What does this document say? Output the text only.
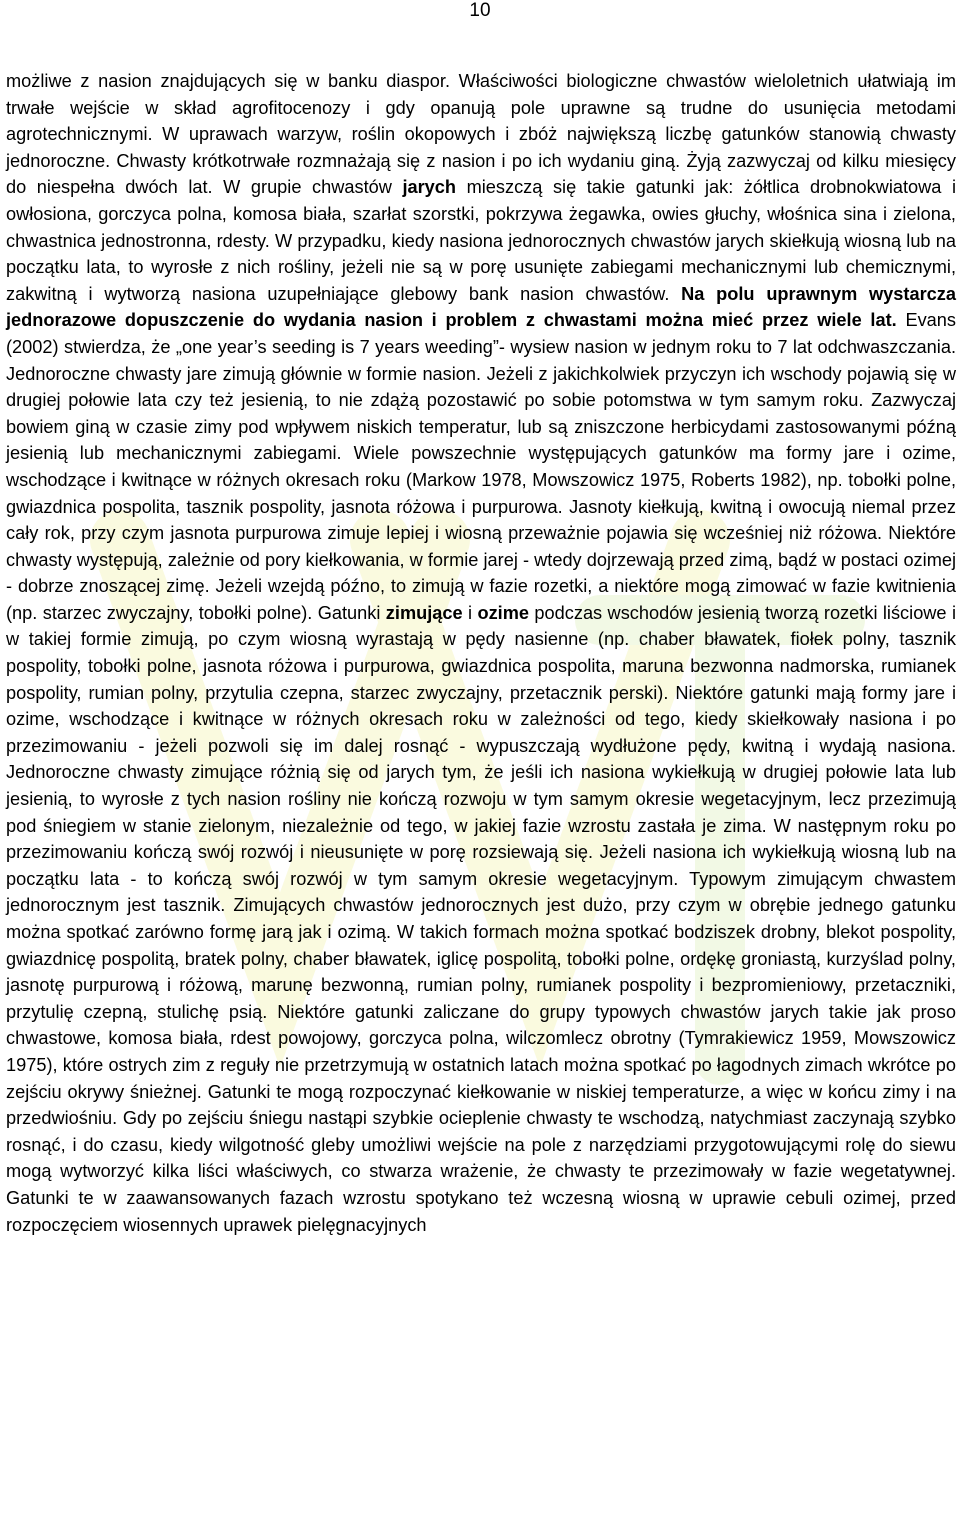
10

możliwe z nasion znajdujących się w banku diaspor. Właściwości biologiczne chwastów wieloletnich ułatwiają im trwałe wejście w skład agrofitocenozy i gdy opanują pole uprawne są trudne do usunięcia metodami agrotechnicznymi. W uprawach warzyw, roślin okopowych i zbóż największą liczbę gatunków stanowią chwasty jednoroczne. Chwasty krótkotrwałe rozmnażają się z nasion i po ich wydaniu giną. Żyją zazwyczaj od kilku miesięcy do niespełna dwóch lat. W grupie chwastów jarych mieszczą się takie gatunki jak: żółtlica drobnokwiatowa i owłosiona, gorczyca polna, komosa biała, szarłat szorstki, pokrzywa żegawka, owies głuchy, włośnica sina i zielona, chwastnica jednostronna, rdesty. W przypadku, kiedy nasiona jednorocznych chwastów jarych skiełkują wiosną lub na początku lata, to wyrosłe z nich rośliny, jeżeli nie są w porę usunięte zabiegami mechanicznymi lub chemicznymi, zakwitną i wytworzą nasiona uzupełniające glebowy bank nasion chwastów. Na polu uprawnym wystarcza jednorazowe dopuszczenie do wydania nasion i problem z chwastami można mieć przez wiele lat. Evans (2002) stwierdza, że „one year’s seeding is 7 years weeding”- wysiew nasion w jednym roku to 7 lat odchwaszczania. Jednoroczne chwasty jare zimują głównie w formie nasion. Jeżeli z jakichkolwiek przyczyn ich wschody pojawią się w drugiej połowie lata czy też jesienią, to nie zdążą pozostawić po sobie potomstwa w tym samym roku. Zazwyczaj bowiem giną w czasie zimy pod wpływem niskich temperatur, lub są zniszczone herbicydami zastosowanymi późną jesienią lub mechanicznymi zabiegami. Wiele powszechnie występujących gatunków ma formy jare i ozime, wschodzące i kwitnące w różnych okresach roku (Markow 1978, Mowszowicz 1975, Roberts 1982), np. tobołki polne, gwiazdnica pospolita, tasznik pospolity, jasnota różowa i purpurowa. Jasnoty kiełkują, kwitną i owocują niemal przez cały rok, przy czym jasnota purpurowa zimuje lepiej i wiosną przeważnie pojawia się wcześniej niż różowa. Niektóre chwasty występują, zależnie od pory kiełkowania, w formie jarej - wtedy dojrzewają przed zimą, bądź w postaci ozimej - dobrze znoszącej zimę. Jeżeli wzejdą późno, to zimują w fazie rozetki, a niektóre mogą zimować w fazie kwitnienia (np. starzec zwyczajny, tobołki polne). Gatunki zimujące i ozime podczas wschodów jesienią tworzą rozetki liściowe i w takiej formie zimują, po czym wiosną wyrastają w pędy nasienne (np. chaber bławatek, fiołek polny, tasznik pospolity, tobołki polne, jasnota różowa i purpurowa, gwiazdnica pospolita, maruna bezwonna nadmorska, rumianek pospolity, rumian polny, przytulia czepna, starzec zwyczajny, przetacznik perski). Niektóre gatunki mają formy jare i ozime, wschodzące i kwitnące w różnych okresach roku w zależności od tego, kiedy skiełkowały nasiona i po przezimowaniu - jeżeli pozwoli się im dalej rosnąć - wypuszczają wydłużone pędy, kwitną i wydają nasiona. Jednoroczne chwasty zimujące różnią się od jarych tym, że jeśli ich nasiona wykiełkują w drugiej połowie lata lub jesienią, to wyrosłe z tych nasion rośliny nie kończą rozwoju w tym samym okresie wegetacyjnym, lecz przezimują pod śniegiem w stanie zielonym, niezależnie od tego, w jakiej fazie wzrostu zastała je zima. W następnym roku po przezimowaniu kończą swój rozwój i nieusunięte w porę rozsiewają się. Jeżeli nasiona ich wykiełkują wiosną lub na początku lata - to kończą swój rozwój w tym samym okresie wegetacyjnym. Typowym zimującym chwastem jednorocznym jest tasznik. Zimujących chwastów jednorocznych jest dużo, przy czym w obrębie jednego gatunku można spotkać zarówno formę jarą jak i ozimą. W takich formach można spotkać bodziszek drobny, blekot pospolity, gwiazdnicę pospolitą, bratek polny, chaber bławatek, iglicę pospolitą, tobołki polne, ordękę groniastą, kurzyślad polny, jasnotę purpurową i różową, marunę bezwonną, rumian polny, rumianek pospolity i bezpromieniowy, przetaczniki, przytulię czepną, stulichę psią. Niektóre gatunki zaliczane do grupy typowych chwastów jarych takie jak proso chwastowe, komosa biała, rdest powojowy, gorczyca polna, wilczomlecz obrotny (Tymrakiewicz 1959, Mowszowicz 1975), które ostrych zim z reguły nie przetrzymują w ostatnich latach można spotkać po łagodnych zimach wkrótce po zejściu okrywy śnieżnej. Gatunki te mogą rozpoczynać kiełkowanie w niskiej temperaturze, a więc w końcu zimy i na przedwiośniu. Gdy po zejściu śniegu nastąpi szybkie ocieplenie chwasty te wschodzą, natychmiast zaczynają szybko rosnąć, i do czasu, kiedy wilgotność gleby umożliwi wejście na pole z narzędziami przygotowującymi rolę do siewu mogą wytworzyć kilka liści właściwych, co stwarza wrażenie, że chwasty te przezimowały w fazie wegetatywnej. Gatunki te w zaawansowanych fazach wzrostu spotykano też wczesną wiosną w uprawie cebuli ozimej, przed rozpoczęciem wiosennych uprawek pielęgnacyjnych
